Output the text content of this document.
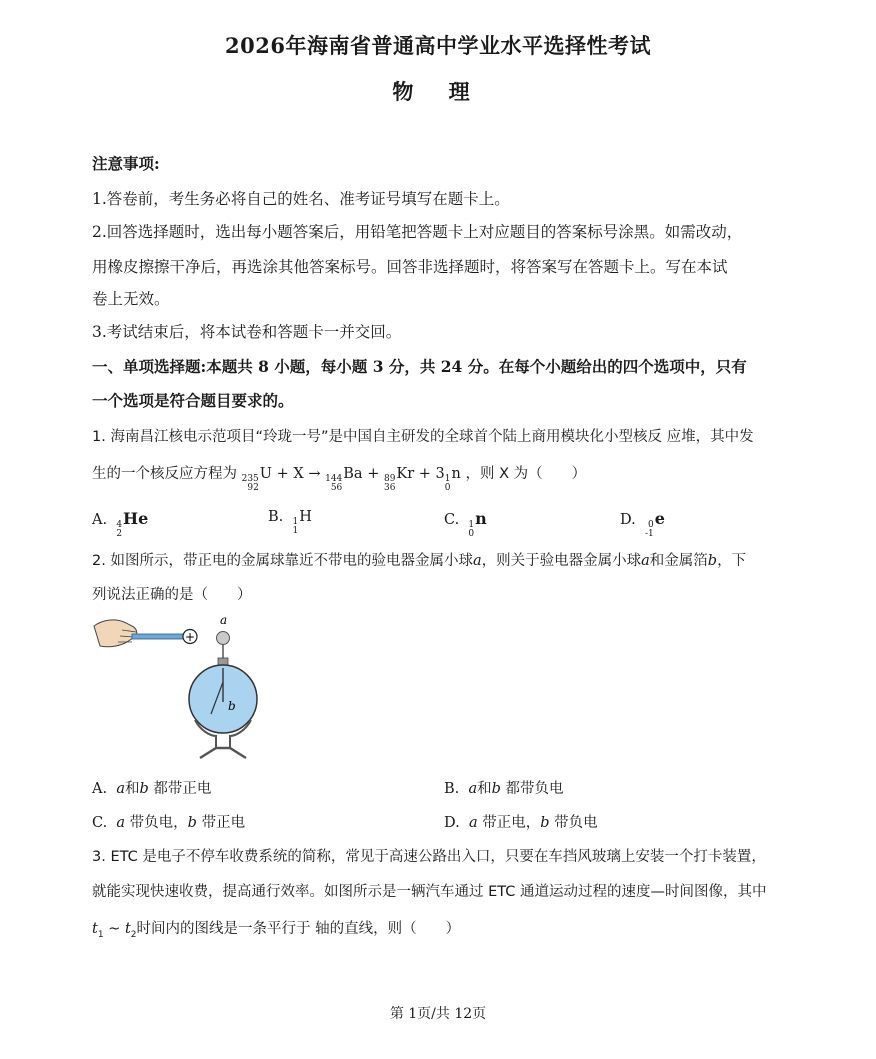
2026年海南省普通高中学业水平选择性考试
物 理
注意事项:
1.答卷前，考生务必将自己的姓名、准考证号填写在题卡上。
2.回答选择题时，选出每小题答案后，用铅笔把答题卡上对应题目的答案标号涂黑。如需改动，
用橡皮擦擦干净后，再选涂其他答案标号。回答非选择题时，将答案写在答题卡上。写在本试
卷上无效。
3.考试结束后，将本试卷和答题卡一并交回。
一、单项选择题:本题共 8 小题，每小题 3 分，共 24 分。在每个小题给出的四个选项中，只有
一个选项是符合题目要求的。
1. 海南昌江核电示范项目“玲珑一号”是中国自主研发的全球首个陆上商用模块化小型核反 应堆，其中发
生的一个核反应方程为 235
92
U + X → 144
56
Ba + 89
36
Kr + 3 1
0
n ，则 X 为（　　）
A. 4
2
He	B. 1
1
H	C. 1
0
n	D.	0
-1
e
2. 如图所示，带正电的金属球靠近不带电的验电器金属小球a，则关于验电器金属小球a和金属箔b，下
列说法正确的是（　　）
+
a
b
A. a和b 都带正电	B. a和b 都带负电
C. a 带负电，b 带正电	D. a 带正电，b 带负电
3. ETC 是电子不停车收费系统的简称，常见于高速公路出入口，只要在车挡风玻璃上安装一个打卡装置，
就能实现快速收费，提高通行效率。如图所示是一辆汽车通过 ETC 通道运动过程的速度—时间图像，其中
$t_1$ ~ $t_2$时间内的图线是一条平行于 轴的直线，则（　　）
第 1页/共 12页
